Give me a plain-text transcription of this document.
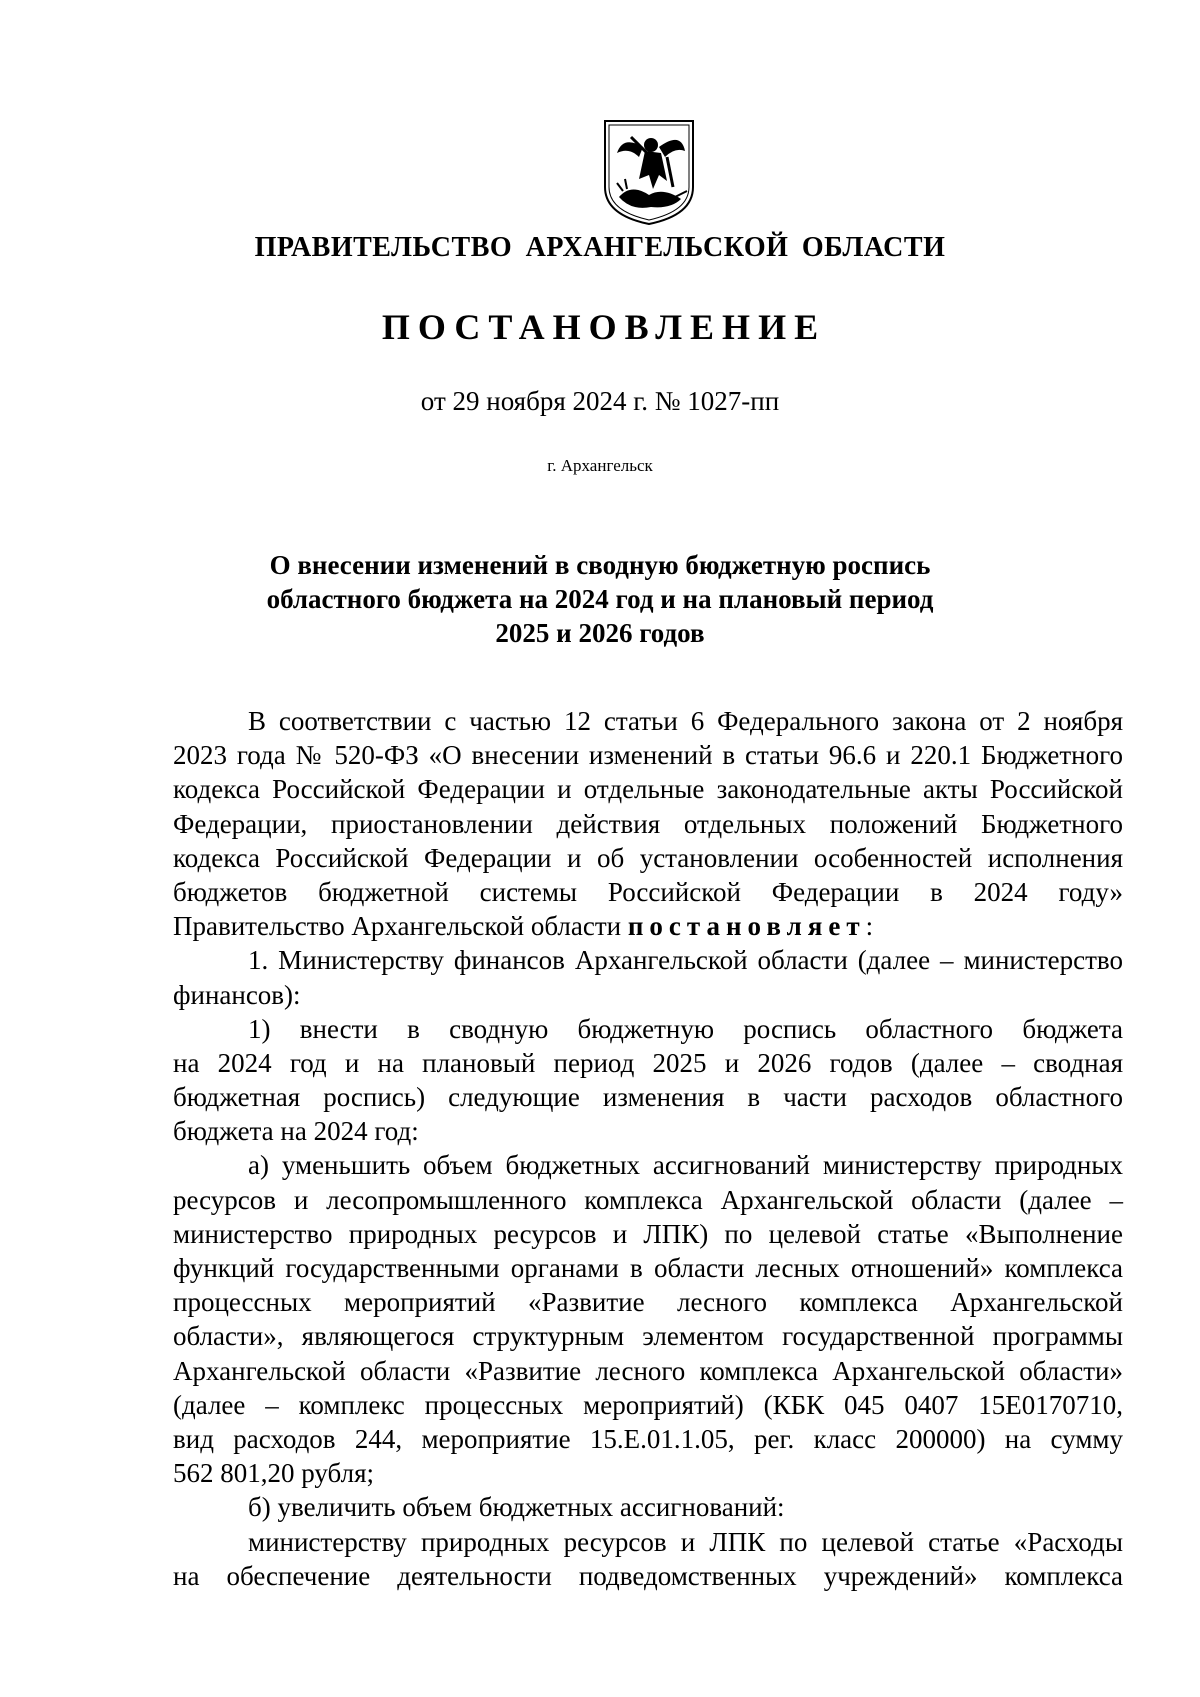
ПРАВИТЕЛЬСТВО АРХАНГЕЛЬСКОЙ ОБЛАСТИ
ПОСТАНОВЛЕНИЕ
от 29 ноября 2024 г. № 1027-пп
г. Архангельск
О внесении изменений в сводную бюджетную роспись
областного бюджета на 2024 год и на плановый период
2025 и 2026 годов
В соответствии с частью 12 статьи 6 Федерального закона от 2 ноября
2023 года № 520-ФЗ «О внесении изменений в статьи 96.6 и 220.1 Бюджетного
кодекса Российской Федерации и отдельные законодательные акты Российской
Федерации, приостановлении действия отдельных положений Бюджетного
кодекса Российской Федерации и об установлении особенностей исполнения
бюджетов бюджетной системы Российской Федерации в 2024 году»
Правительство Архангельской области постановляет:
1. Министерству финансов Архангельской области (далее – министерство
финансов):
1) внести в сводную бюджетную роспись областного бюджета
на 2024 год и на плановый период 2025 и 2026 годов (далее – сводная
бюджетная роспись) следующие изменения в части расходов областного
бюджета на 2024 год:
а) уменьшить объем бюджетных ассигнований министерству природных
ресурсов и лесопромышленного комплекса Архангельской области (далее –
министерство природных ресурсов и ЛПК) по целевой статье «Выполнение
функций государственными органами в области лесных отношений» комплекса
процессных мероприятий «Развитие лесного комплекса Архангельской
области», являющегося структурным элементом государственной программы
Архангельской области «Развитие лесного комплекса Архангельской области»
(далее – комплекс процессных мероприятий) (КБК 045 0407 15Е0170710,
вид расходов 244, мероприятие 15.Е.01.1.05, рег. класс 200000) на сумму
562 801,20 рубля;
б) увеличить объем бюджетных ассигнований:
министерству природных ресурсов и ЛПК по целевой статье «Расходы
на обеспечение деятельности подведомственных учреждений» комплекса
